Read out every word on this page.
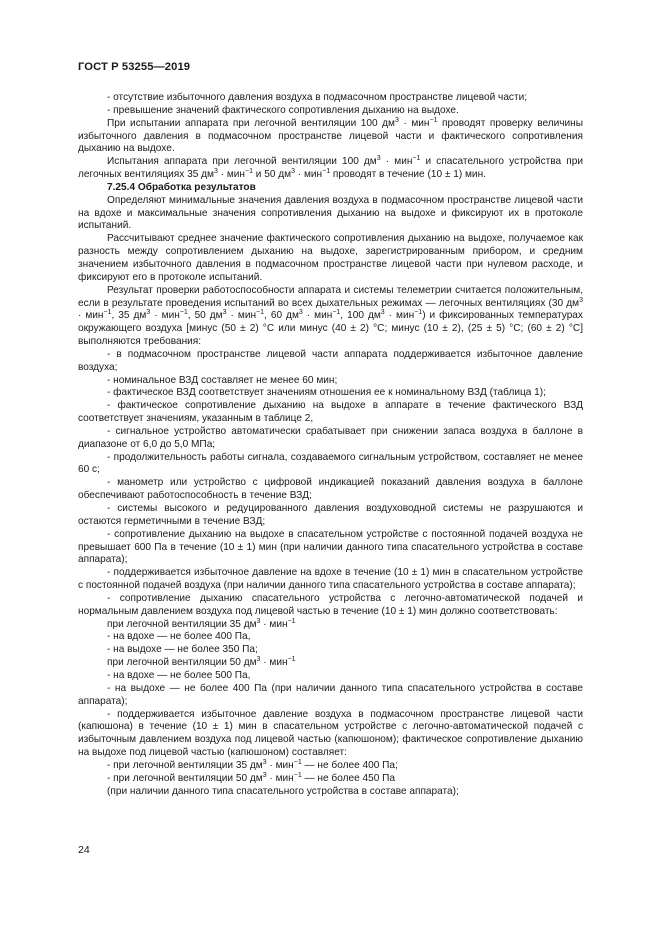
ГОСТ Р 53255—2019

- отсутствие избыточного давления воздуха в подмасочном пространстве лицевой части;

- превышение значений фактического сопротивления дыханию на выдохе.

При испытании аппарата при легочной вентиляции 100 $дм^3 \cdot мин^{-1}$ проводят проверку величины избыточного давления в подмасочном пространстве лицевой части и фактического сопротивления дыханию на выдохе.

Испытания аппарата при легочной вентиляции 100 $дм^3 \cdot мин^{-1}$ и спасательного устройства при легочных вентиляциях 35 $дм^3 \cdot мин^{-1}$ и 50 $дм^3 \cdot мин^{-1}$ проводят в течение (10 ± 1) мин.

7.25.4 Обработка результатов

Определяют минимальные значения давления воздуха в подмасочном пространстве лицевой части на вдохе и максимальные значения сопротивления дыханию на выдохе и фиксируют их в протоколе испытаний.

Рассчитывают среднее значение фактического сопротивления дыханию на выдохе, получаемое как разность между сопротивлением дыханию на выдохе, зарегистрированным прибором, и средним значением избыточного давления в подмасочном пространстве лицевой части при нулевом расходе, и фиксируют его в протоколе испытаний.

Результат проверки работоспособности аппарата и системы телеметрии считается положительным, если в результате проведения испытаний во всех дыхательных режимах — легочных вентиляциях (30 $дм^3 \cdot мин^{-1}$, 35 $дм^3 \cdot мин^{-1}$, 50 $дм^3 \cdot мин^{-1}$, 60 $дм^3 \cdot мин^{-1}$, 100 $дм^3 \cdot мин^{-1}$) и фиксированных температурах окружающего воздуха [минус (50 ± 2) °С или минус (40 ± 2) °С; минус (10 ± 2), (25 ± 5) °С; (60 ± 2) °С] выполняются требования:

- в подмасочном пространстве лицевой части аппарата поддерживается избыточное давление воздуха;

- номинальное ВЗД составляет не менее 60 мин;

- фактическое ВЗД соответствует значениям отношения ее к номинальному ВЗД (таблица 1);

- фактическое сопротивление дыханию на выдохе в аппарате в течение фактического ВЗД соответствует значениям, указанным в таблице 2,

- сигнальное устройство автоматически срабатывает при снижении запаса воздуха в баллоне в диапазоне от 6,0 до 5,0 МПа;

- продолжительность работы сигнала, создаваемого сигнальным устройством, составляет не менее 60 с;

- манометр или устройство с цифровой индикацией показаний давления воздуха в баллоне обеспечивают работоспособность в течение ВЗД;

- системы высокого и редуцированного давления воздуховодной системы не разрушаются и остаются герметичными в течение ВЗД;

- сопротивление дыханию на выдохе в спасательном устройстве с постоянной подачей воздуха не превышает 600 Па в течение (10 ± 1) мин (при наличии данного типа спасательного устройства в составе аппарата);

- поддерживается избыточное давление на вдохе в течение (10 ± 1) мин в спасательном устройстве с постоянной подачей воздуха (при наличии данного типа спасательного устройства в составе аппарата);

- сопротивление дыханию спасательного устройства с легочно-автоматической подачей и нормальным давлением воздуха под лицевой частью в течение (10 ± 1) мин должно соответствовать:

при легочной вентиляции 35 $дм^3 \cdot мин^{-1}$

- на вдохе — не более 400 Па,

- на выдохе — не более 350 Па;

при легочной вентиляции 50 $дм^3 \cdot мин^{-1}$

- на вдохе — не более 500 Па,

- на выдохе — не более 400 Па (при наличии данного типа спасательного устройства в составе аппарата);

- поддерживается избыточное давление воздуха в подмасочном пространстве лицевой части (капюшона) в течение (10 ± 1) мин в спасательном устройстве с легочно-автоматической подачей с избыточным давлением воздуха под лицевой частью (капюшоном); фактическое сопротивление дыханию на выдохе под лицевой частью (капюшоном) составляет:

- при легочной вентиляции 35 $дм^3 \cdot мин^{-1}$ — не более 400 Па;

- при легочной вентиляции 50 $дм^3 \cdot мин^{-1}$ — не более 450 Па

(при наличии данного типа спасательного устройства в составе аппарата);

24
